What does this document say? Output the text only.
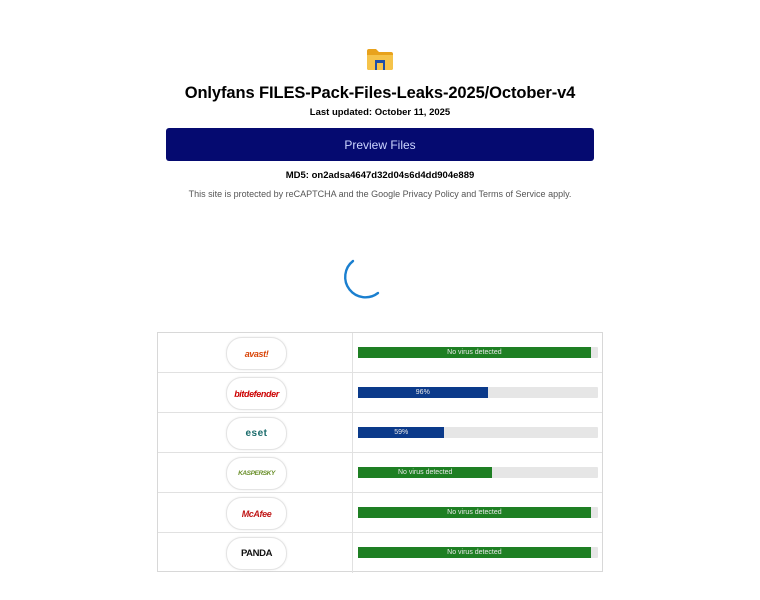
Onlyfans FILES-Pack-Files-Leaks-2025/October-v4
Last updated: October 11, 2025
Preview Files
MD5: on2adsa4647d32d04s6d4dd904e889
This site is protected by reCAPTCHA and the Google Privacy Policy and Terms of Service apply.
avast!	No virus detected
bitdefender	96%
eset	59%
KASPERSKY	No virus detected
McAfee	No virus detected
PANDA	No virus detected
